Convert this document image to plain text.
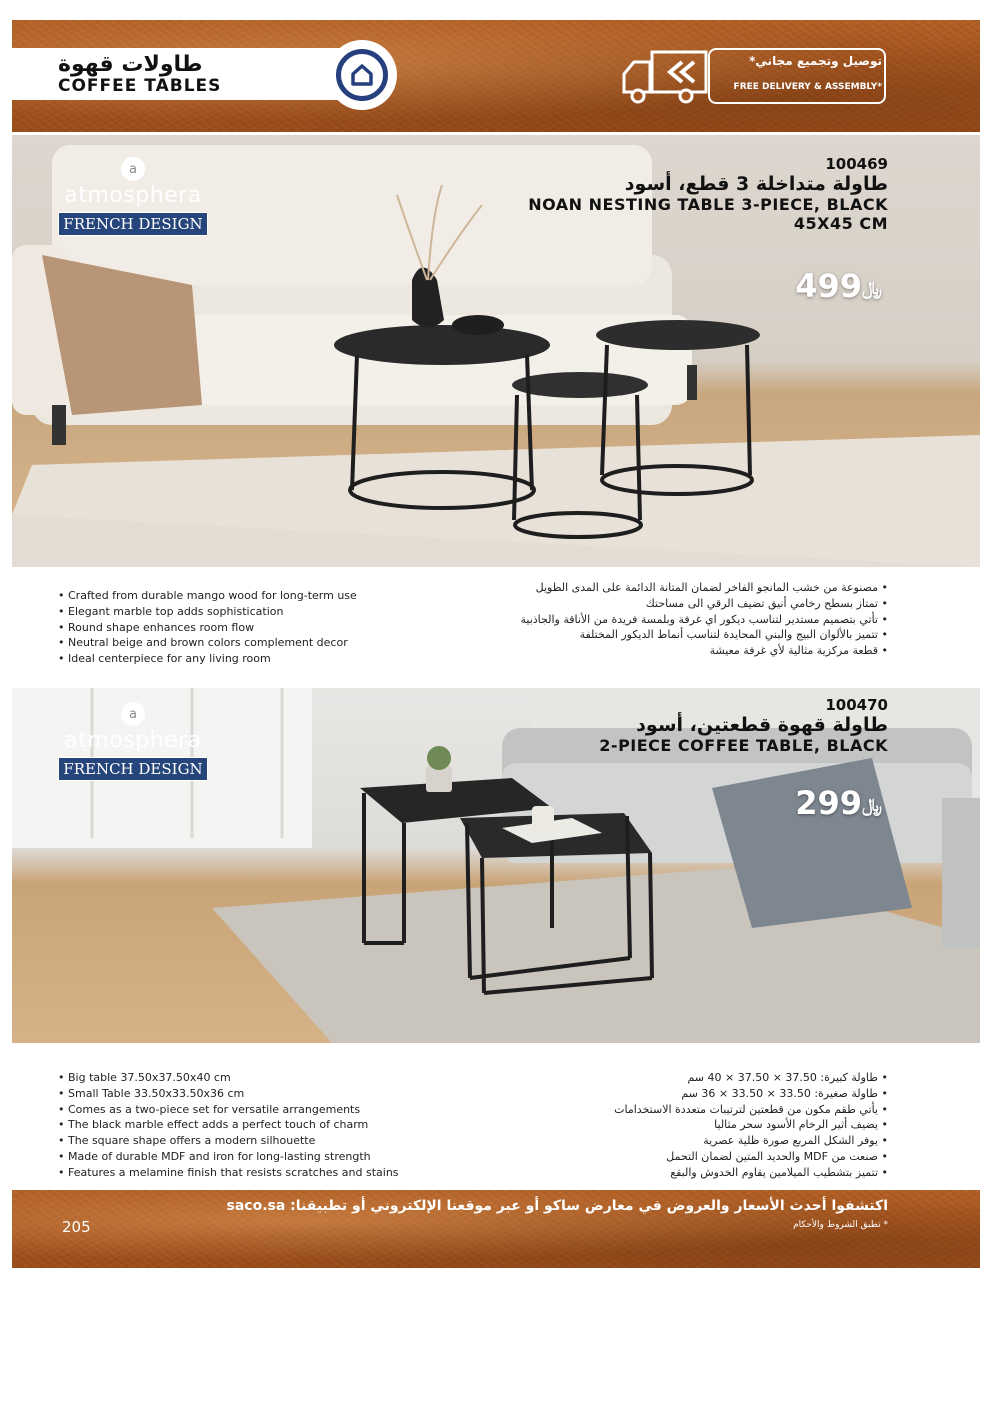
طاولات قهوة
COFFEE TABLES
توصيل وتجميع مجاني*
FREE DELIVERY & ASSEMBLY*
a
atmosphera
FRENCH DESIGN
100469
طاولة متداخلة 3 قطع، أسود
NOAN NESTING TABLE 3-PIECE, BLACK
45X45 CM
﷼499
• Crafted from durable mango wood for long-term use
• Elegant marble top adds sophistication
• Round shape enhances room flow
• Neutral beige and brown colors complement decor
• Ideal centerpiece for any living room
• مصنوعة من خشب المانجو الفاخر لضمان المتانة الدائمة على المدى الطويل
• تمتاز بسطح رخامي أنيق تضيف الرقي الى مساحتك
• تأتي بتصميم مستدير لتناسب ديكور اي غرفة وبلمسة فريدة من الأناقة والجاذبية
• تتميز بالألوان البيج والبني المحايدة لتناسب أنماط الديكور المختلفة
• قطعة مركزية مثالية لأي غرفة معيشة
a
atmosphera
FRENCH DESIGN
100470
طاولة قهوة قطعتين، أسود
2-PIECE COFFEE TABLE, BLACK
﷼299
• Big table 37.50x37.50x40 cm
• Small Table 33.50x33.50x36 cm
• Comes as a two-piece set for versatile arrangements
• The black marble effect adds a perfect touch of charm
• The square shape offers a modern silhouette
• Made of durable MDF and iron for long-lasting strength
• Features a melamine finish that resists scratches and stains
• طاولة كبيرة: 37.50 × 37.50 × 40 سم
• طاولة صغيرة: 33.50 × 33.50 × 36 سم
• يأتي طقم مكون من قطعتين لترتيبات متعددة الاستخدامات
• يضيف أثير الرخام الأسود سحر مثاليا
• يوفر الشكل المربع صورة ظلية عصرية
• صنعت من MDF والحديد المتين لضمان التحمل
• تتميز بتشطيب الميلامين يقاوم الخدوش والبقع
اكتشفوا أحدث الأسعار والعروض في معارض ساكو أو عبر موقعنا الإلكتروني أو تطبيقنا: saco.sa
* تطبق الشروط والأحكام
205
